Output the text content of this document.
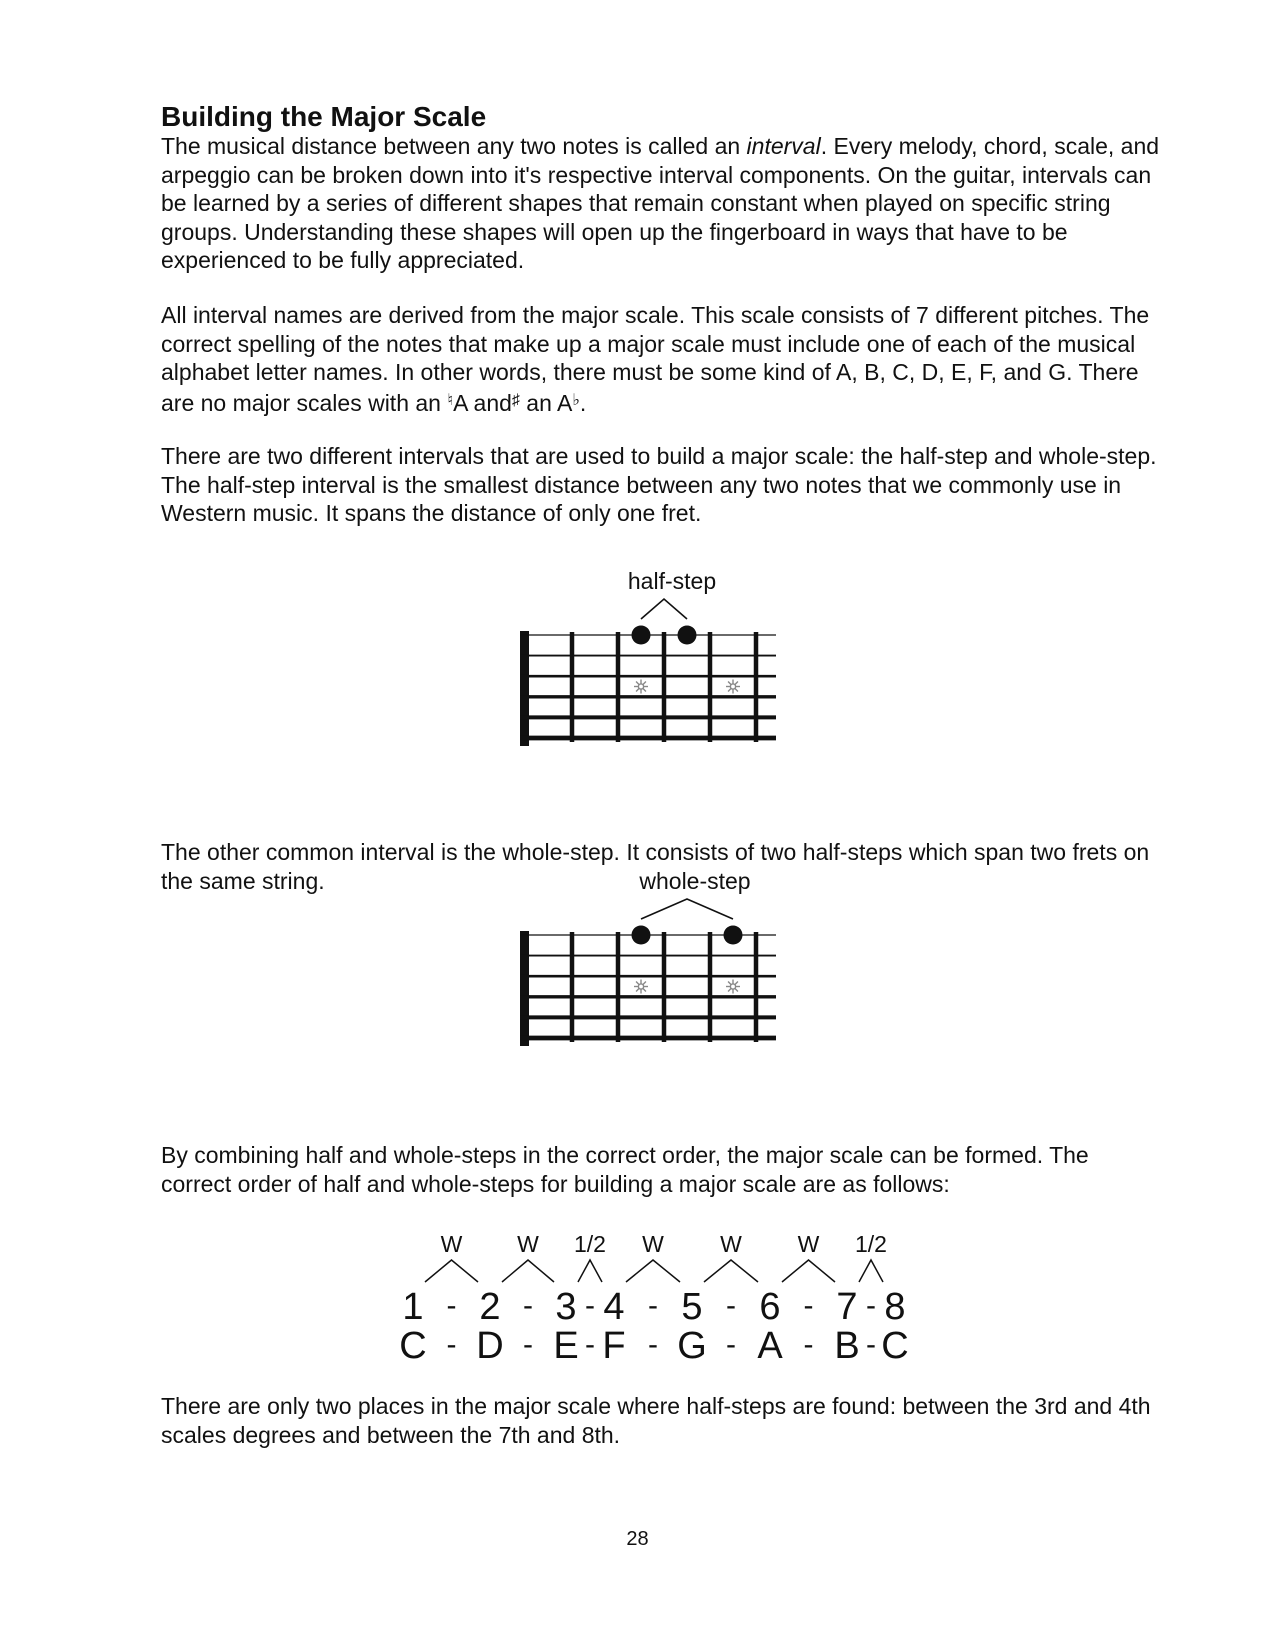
Building the Major Scale

The musical distance between any two notes is called an interval. Every melody, chord, scale, and arpeggio can be broken down into it's respective interval components. On the guitar, intervals can be learned by a series of different shapes that remain constant when played on specific string groups. Understanding these shapes will open up the fingerboard in ways that have to be experienced to be fully appreciated.

All interval names are derived from the major scale. This scale consists of 7 different pitches. The correct spelling of the notes that make up a major scale must include one of each of the musical alphabet letter names. In other words, there must be some kind of A, B, C, D, E, F, and G. There are no major scales with an ♮A and♯ an A♭.

There are two different intervals that are used to build a major scale: the half-step and whole-step. The half-step interval is the smallest distance between any two notes that we commonly use in Western music. It spans the distance of only one fret.

half-step

The other common interval is the whole-step. It consists of two half-steps which span two frets on the same string.	whole-step

By combining half and whole-steps in the correct order, the major scale can be formed. The correct order of half and whole-steps for building a major scale are as follows:

1 2 3 4 5 6 7 8
C D E F G A B C
-
-
W
-
-
W
-
-
1/2
-
-
W
-
-
W
-
-
W
-
-
1/2

There are only two places in the major scale where half-steps are found: between the 3rd and 4th scales degrees and between the 7th and 8th.

28
